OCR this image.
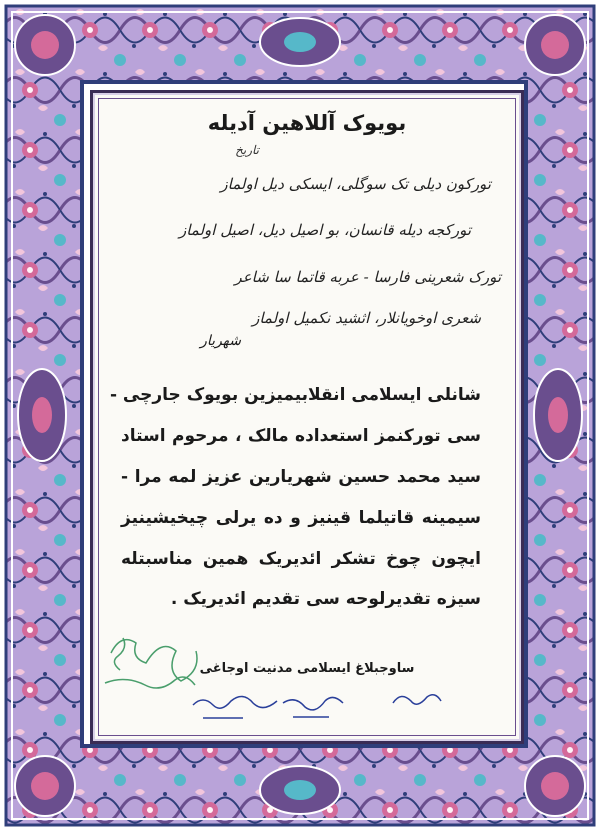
بویوک آللاهین آدیله
تاریخ
تورکون دیلی تک سوگلی، ایسکی دیل اولماز
تورکجه دیله قانسان، بو اصیل دیل، اصیل اولماز
تورک شعرینی فارسا - عربه قاتما سا شاعر
شعری اوخویانلار، اثشید نکمیل اولماز
شهریار
شانلی ایسلامی انقلابیمیزین بویوک جارچی -
سی تورکنمز استعداده مالک ، مرحوم استاد
سید محمد حسین شهریارین عزیز لمه مرا -
سیمینه قاتیلما قینیز و ده یرلی چیخیشینیز
ایچون چوخ تشکر ائدیریک همین مناسبتله
سیزه تقدیرلوحه سی تقدیم ائدیریک .
ساوجبلاغ ایسلامی مدنیت اوجاغی
